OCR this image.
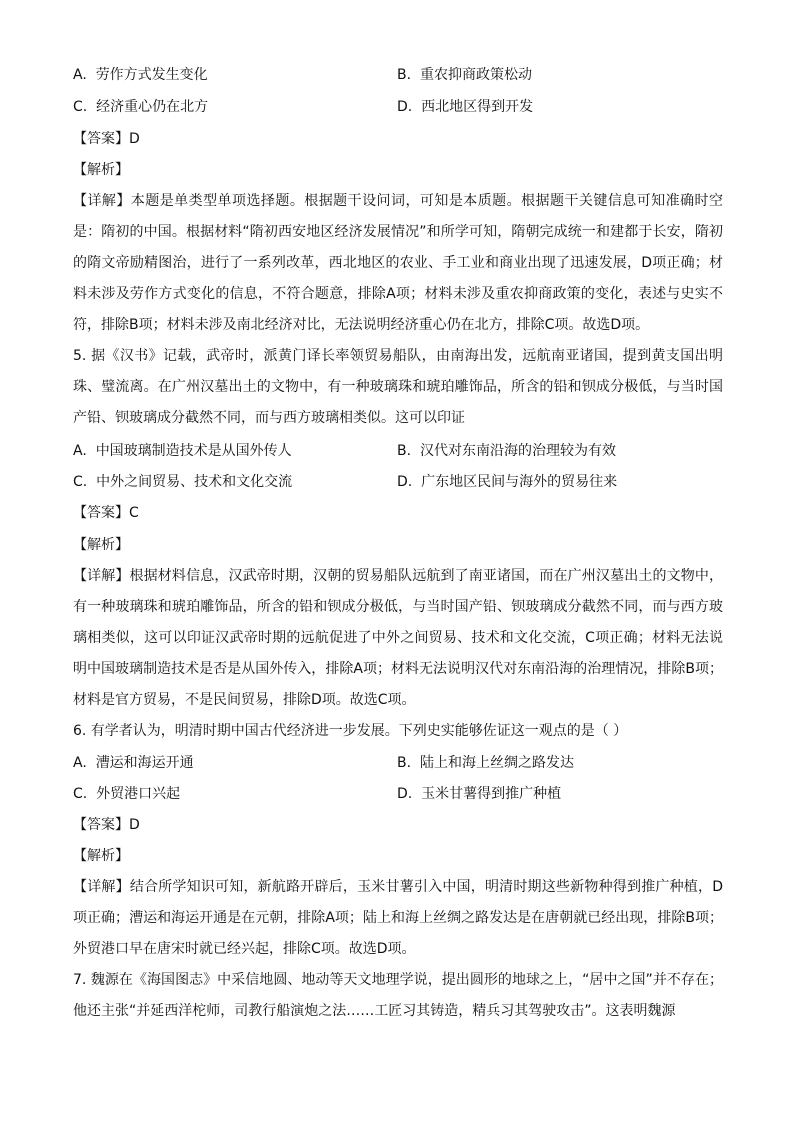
A. 劳作方式发生变化	B. 重农抑商政策松动
C. 经济重心仍在北方	D. 西北地区得到开发
【答案】D
【解析】
【详解】本题是单类型单项选择题。根据题干设问词，可知是本质题。根据题干关键信息可知准确时空是：隋初的中国。根据材料“隋初西安地区经济发展情况”和所学可知，隋朝完成统一和建都于长安，隋初的隋文帝励精图治，进行了一系列改革，西北地区的农业、手工业和商业出现了迅速发展，D项正确；材料未涉及劳作方式变化的信息，不符合题意，排除A项；材料未涉及重农抑商政策的变化，表述与史实不符，排除B项；材料未涉及南北经济对比，无法说明经济重心仍在北方，排除C项。故选D项。
5. 据《汉书》记载，武帝时，派黄门译长率领贸易船队，由南海出发，远航南亚诸国，提到黄支国出明珠、璧流离。在广州汉墓出土的文物中，有一种玻璃珠和琥珀雕饰品，所含的铅和钡成分极低，与当时国产铅、钡玻璃成分截然不同，而与西方玻璃相类似。这可以印证
A. 中国玻璃制造技术是从国外传人	B. 汉代对东南沿海的治理较为有效
C. 中外之间贸易、技术和文化交流	D. 广东地区民间与海外的贸易往来
【答案】C
【解析】
【详解】根据材料信息，汉武帝时期，汉朝的贸易船队远航到了南亚诸国，而在广州汉墓出土的文物中，有一种玻璃珠和琥珀雕饰品，所含的铅和钡成分极低，与当时国产铅、钡玻璃成分截然不同，而与西方玻璃相类似，这可以印证汉武帝时期的远航促进了中外之间贸易、技术和文化交流，C项正确；材料无法说明中国玻璃制造技术是否是从国外传入，排除A项；材料无法说明汉代对东南沿海的治理情况，排除B项；材料是官方贸易，不是民间贸易，排除D项。故选C项。
6. 有学者认为，明清时期中国古代经济进一步发展。下列史实能够佐证这一观点的是（ ）
A. 漕运和海运开通	B. 陆上和海上丝绸之路发达
C. 外贸港口兴起	D. 玉米甘薯得到推广种植
【答案】D
【解析】
【详解】结合所学知识可知，新航路开辟后，玉米甘薯引入中国，明清时期这些新物种得到推广种植，D项正确；漕运和海运开通是在元朝，排除A项；陆上和海上丝绸之路发达是在唐朝就已经出现，排除B项；外贸港口早在唐宋时就已经兴起，排除C项。故选D项。
7. 魏源在《海国图志》中采信地圆、地动等天文地理学说，提出圆形的地球之上，“居中之国”并不存在；他还主张“并延西洋柁师，司教行船演炮之法……工匠习其铸造，精兵习其驾驶攻击”。这表明魏源
